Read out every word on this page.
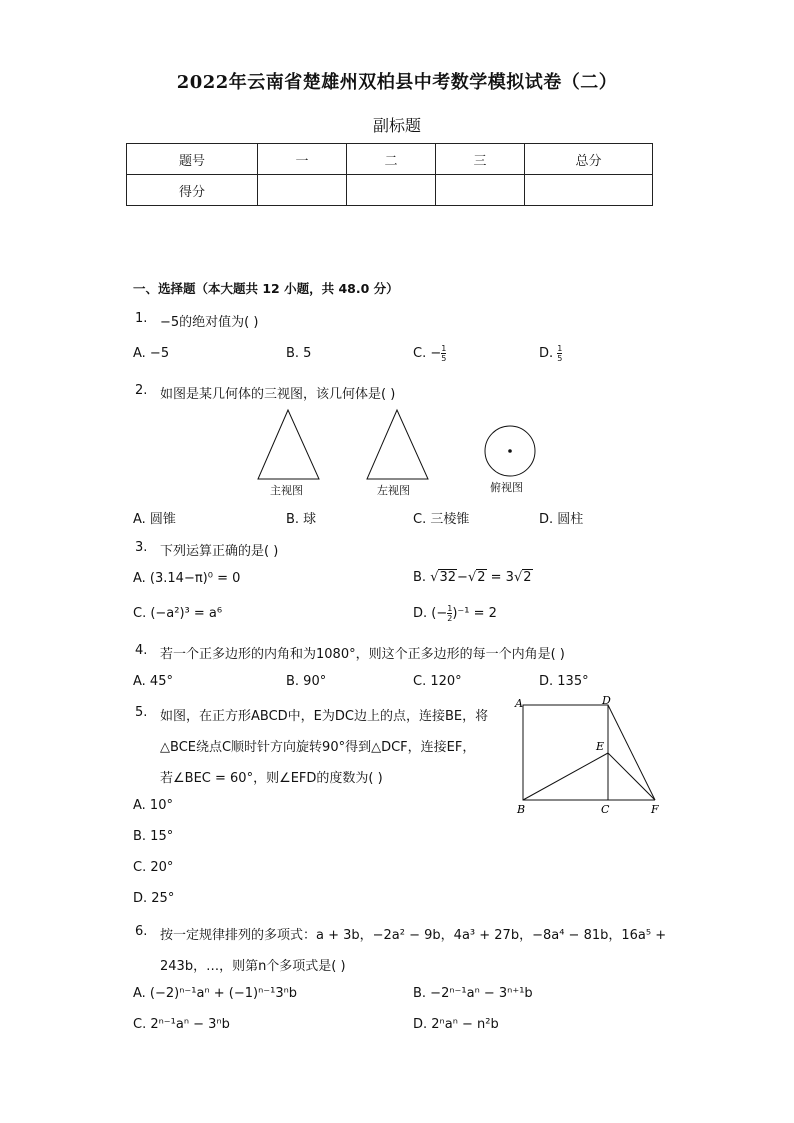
2022年云南省楚雄州双柏县中考数学模拟试卷（二）
副标题
题号	一	二	三	总分
得分				
一、选择题（本大题共 12 小题，共 48.0 分）
1. −5的绝对值为( )
A. −5	B. 5	C. − $\frac{1}{5}$	D. $\frac{1}{5}$
2. 如图是某几何体的三视图，该几何体是( )
主视图	左视图	俯视图
A. 圆锥	B. 球	C. 三棱锥	D. 圆柱
3. 下列运算正确的是( )
A. (3.14−π)⁰ = 0	B. √32−√2 = 3√2
C. (−a²)³ = a⁶	D. (− $\frac{1}{2} )^{-1} = 2$
4. 若一个正多边形的内角和为1080°，则这个正多边形的每一个内角是( )
A. 45°	B. 90°	C. 120°	D. 135°
5. 如图，在正方形ABCD中，E为DC边上的点，连接BE，将
△BCE绕点C顺时针方向旋转90°得到△DCF，连接EF，
若∠BEC = 60°，则∠EFD的度数为( )
A	D
E
B	C	F
A. 10°
B. 15°
C. 20°
D. 25°
6. 按一定规律排列的多项式：a + 3b，−2a² − 9b，4a³ + 27b，−8a⁴ − 81b，16a⁵ +
243b，…，则第n个多项式是( )
A. (−2)ⁿ⁻¹aⁿ + (−1)ⁿ⁻¹3ⁿb	B. −2ⁿ⁻¹aⁿ − 3ⁿ⁺¹b
C. 2ⁿ⁻¹aⁿ − 3ⁿb	D. 2ⁿaⁿ − n²b
